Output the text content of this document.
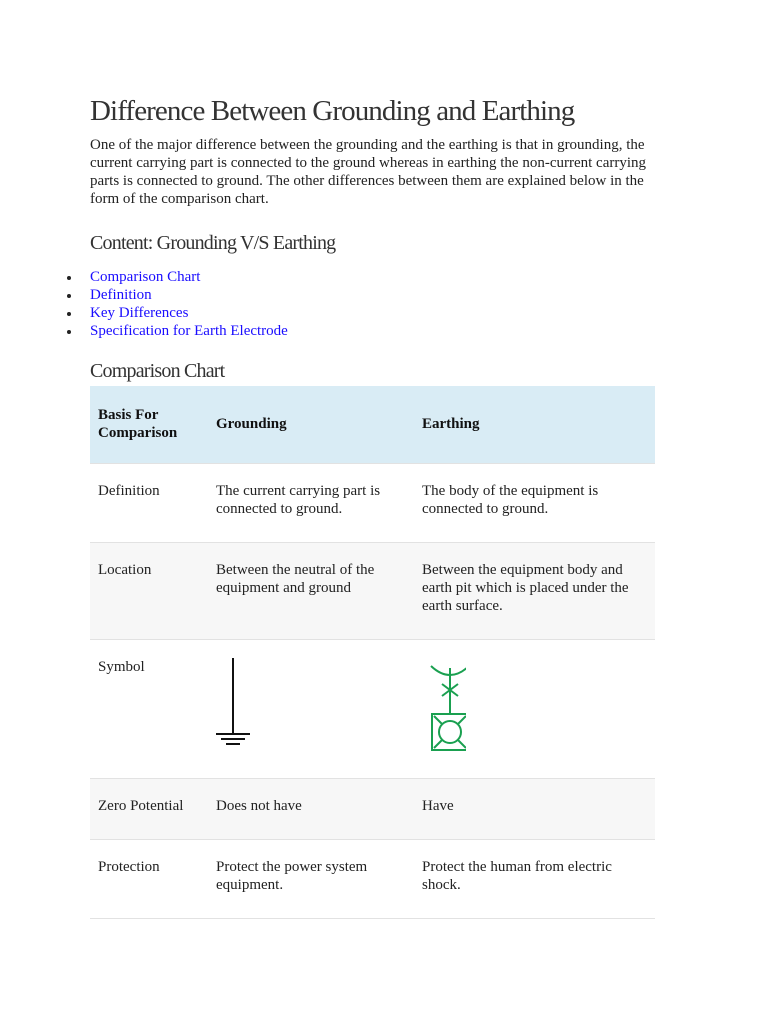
Difference Between Grounding and Earthing

One of the major difference between the grounding and the earthing is that in grounding, the current carrying part is connected to the ground whereas in earthing the non-current carrying parts is connected to ground. The other differences between them are explained below in the form of the comparison chart.

Content: Grounding V/S Earthing
Comparison Chart
Definition
Key Differences
Specification for Earth Electrode
Comparison Chart
Basis For Comparison	Grounding	Earthing
Definition	The current carrying part is connected to ground.	The body of the equipment is connected to ground.
Location	Between the neutral of the equipment and ground	Between the equipment body and earth pit which is placed under the earth surface.
Symbol	

Zero Potential	Does not have	Have
Protection	Protect the power system equipment.	Protect the human from electric shock.
